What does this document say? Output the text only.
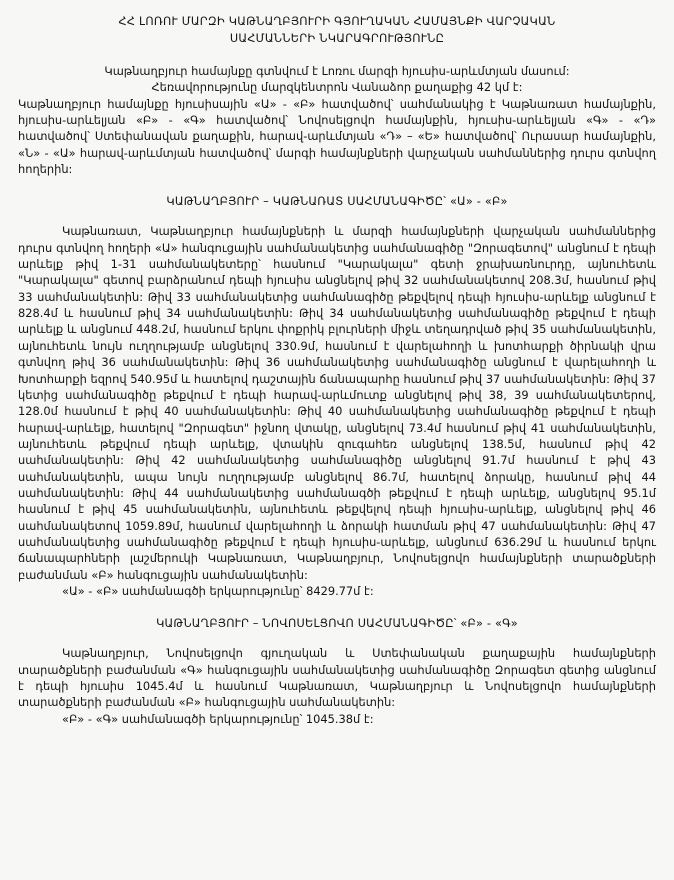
ՀՀ ԼՈՌՈՒ ՄԱՐԶԻ ԿԱԹՆԱՂԲՅՈՒՐԻ ԳՅՈՒՂԱԿԱՆ ՀԱՄԱՅՆՔԻ ՎԱՐՉԱԿԱՆ
ՍԱՀՄԱՆՆԵՐԻ ՆԿԱՐԱԳՐՈՒԹՅՈՒՆԸ

Կաթնաղբյուր համայնքը գտնվում է Լոռու մարզի հյուսիս-արևմտյան մասում:

Հեռավորությունը մարզկենտրոն Վանաձոր քաղաքից 42 կմ է:

Կաթնաղբյուր համայնքը հյուսիսային «Ա» - «Բ» հատվածով՝ սահմանակից է Կաթնառատ համայնքին, հյուսիս-արևելյան «Բ» - «Գ» հատվածով՝ Նովոսելցովո համայնքին, հյուսիս-արևելյան «Գ» - «Դ» հատվածով՝ Ստեփանավան քաղաքին, հարավ-արևմտյան «Դ» – «Ե» հատվածով՝ Ուրասար համայնքին, «Ն» - «Ա» հարավ-արևմտյան հատվածով՝ մարգի համայնքների վարչական սահմաններից դուրս գտնվող հողերին:

ԿԱԹՆԱՂԲՅՈՒՐ – ԿԱԹՆԱՌԱՏ ՍԱՀՄԱՆԱԳԻԾԸ՝ «Ա» - «Բ»

Կաթնառատ, Կաթնաղբյուր համայնքների և մարզի համայնքների վարչական սահմաններից դուրս գտնվող հողերի «Ա» հանգուցային սահմանակետից սահմանագիծը "Զորագետով" անցնում է դեպի արևելք թիվ 1-31 սահմանակետերը՝ հասնում "Կարակալա" գետի ջրախառնուրդը, այնուհետև "Կարակալա" գետով բարձրանում դեպի հյուսիս անցնելով թիվ 32 սահմանակետով 208.3մ, հասնում թիվ 33 սահմանակետին: Թիվ 33 սահմանակետից սահմանագիծը թեքվելով դեպի հյուսիս-արևելք անցնում է 828.4մ և հասնում թիվ 34 սահմանակետին: Թիվ 34 սահմանակետից սահմանագիծը թեքվում է դեպի արևելք և անցնում 448.2մ, հասնում երկու փոքրիկ բլուրների միջև տեղադրված թիվ 35 սահմանակետին, այնուհետև նույն ուղղությամբ անցնելով 330.9մ, հասնում է վարելահողի և խոտհարքի ծիրնակի վրա գտնվող թիվ 36 սահմանակետին: Թիվ 36 սահմանակետից սահմանագիծը անցնում է վարելահողի և Խոտհարքի եզրով 540.95մ և հատելով դաշտային ճանապարհը հասնում թիվ 37 սահմանակետին: Թիվ 37 կետից սահմանագիծը թեքվում է դեպի հարավ-արևմուտք անցնելով թիվ 38, 39 սահմանակետերով, 128.0մ հասնում է թիվ 40 սահմանակետին: Թիվ 40 սահմանակետից սահմանագիծը թեքվում է դեպի հարավ-արևելք, հատելով "Զորագետ" իջնող վտակը, անցնելով 73.4մ հասնում թիվ 41 սահմանակետին, այնուհետև թեքվում դեպի արևելք, վտակին զուգահեռ անցնելով 138.5մ, հասնում թիվ 42 սահմանակետին: Թիվ 42 սահմանակետից սահմանագիծը անցնելով 91.7մ հասնում է թիվ 43 սահմանակետին, ապա նույն ուղղությամբ անցնելով 86.7մ, հատելով ձորակը, հասնում թիվ 44 սահմանակետին: Թիվ 44 սահմանակետից սահմանագծի թեքվում է դեպի արևելք, անցնելով 95.1մ հասնում է թիվ 45 սահմանակետին, այնուհետև թեքվելով դեպի հյուսիս-արևելք, անցնելով թիվ 46 սահմանակետով 1059.89մ, հասնում վարելահողի և ձորակի հատման թիվ 47 սահմանակետին: Թիվ 47 սահմանակետից սահմանագիծը թեքվում է դեպի հյուսիս-արևելք, անցնում 636.29մ և հասնում երկու ճանապարհների լաշմերուկի Կաթնառատ, Կաթնաղբյուր, Նովոսելցովո համայնքների տարածքների բաժանման «Բ» հանգուցային սահմանակետին:

«Ա» - «Բ» սահմանագծի երկարությունը՝ 8429.77մ է:

ԿԱԹՆԱՂԲՅՈՒՐ – ՆՈՎՈՍԵԼՑՈՎՈ ՍԱՀՄԱՆԱԳԻԾԸ՝ «Բ» - «Գ»

Կաթնաղբյուր, Նովոսելցովո գյուղական և Ստեփանական քաղաքային համայնքների տարածքների բաժանման «Գ» հանգուցային սահմանակետից սահմանագիծը Զորագետ գետից անցնում է դեպի հյուսիս 1045.4մ և հասնում Կաթնառատ, Կաթնաղբյուր և Նովոսելցովո համայնքների տարածքների բաժանման «Բ» հանգուցային սահմանակետին:

«Բ» - «Գ» սահմանագծի երկարությունը՝ 1045.38մ է:
